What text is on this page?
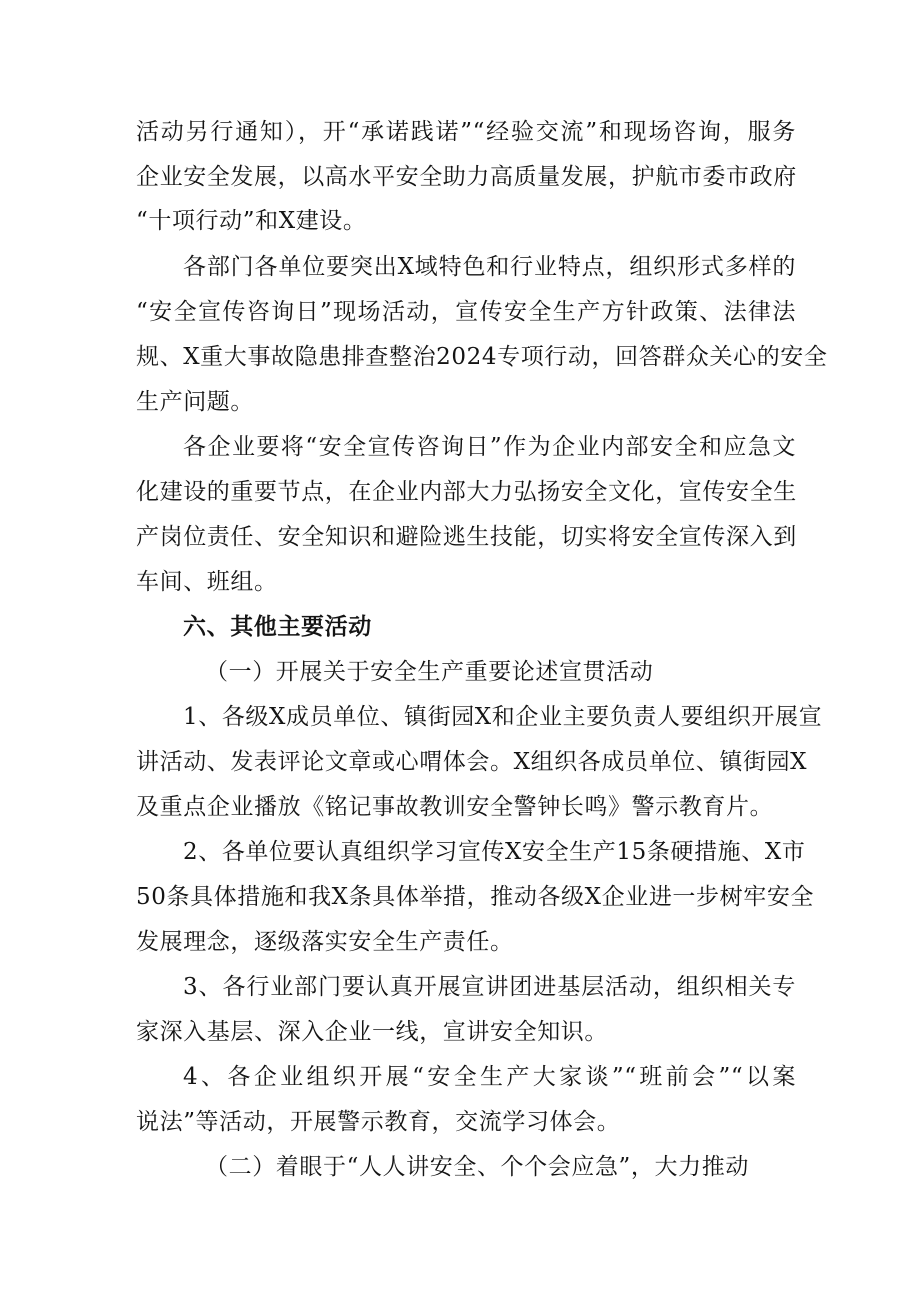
活动另行通知），开“承诺践诺”“经验交流”和现场咨询，服务
企业安全发展，以高水平安全助力高质量发展，护航市委市政府
“十项行动”和X建设。
各部门各单位要突出X域特色和行业特点，组织形式多样的
“安全宣传咨询日”现场活动，宣传安全生产方针政策、法律法
规、X重大事故隐患排查整治2024专项行动，回答群众关心的安全
生产问题。
各企业要将“安全宣传咨询日”作为企业内部安全和应急文
化建设的重要节点，在企业内部大力弘扬安全文化，宣传安全生
产岗位责任、安全知识和避险逃生技能，切实将安全宣传深入到
车间、班组。
六、其他主要活动
（一）开展关于安全生产重要论述宣贯活动
1、各级X成员单位、镇街园X和企业主要负责人要组织开展宣
讲活动、发表评论文章或心喟体会。X组织各成员单位、镇街园X
及重点企业播放《铭记事故教训安全警钟长鸣》警示教育片。
2、各单位要认真组织学习宣传X安全生产15条硬措施、X市
50条具体措施和我X条具体举措，推动各级X企业进一步树牢安全
发展理念，逐级落实安全生产责任。
3、各行业部门要认真开展宣讲团进基层活动，组织相关专
家深入基层、深入企业一线，宣讲安全知识。
4、各企业组织开展“安全生产大家谈”“班前会”“以案
说法”等活动，开展警示教育，交流学习体会。
（二）着眼于“人人讲安全、个个会应急”，大力推动
